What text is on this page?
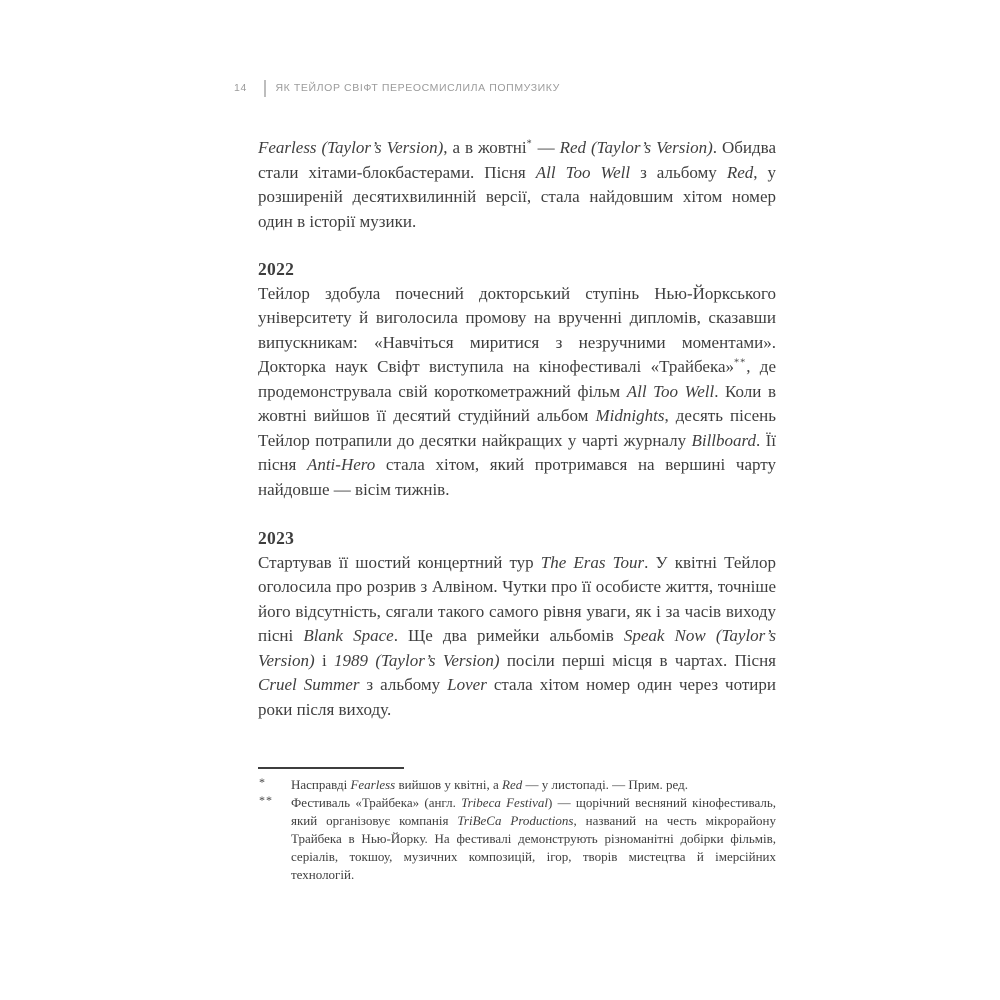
14	ЯК ТЕЙЛОР СВІФТ ПЕРЕОСМИСЛИЛА ПОПМУЗИКУ

Fearless (Taylor’s Version), а в жовтні* — Red (Taylor’s Version). Обидва стали хітами-блокбастерами. Пісня All Too Well з альбому Red, у розширеній десятихвилинній версії, стала найдовшим хітом номер один в історії музики.

2022

Тейлор здобула почесний докторський ступінь Нью-Йоркського університету й виголосила промову на врученні дипломів, сказавши випускникам: «Навчіться миритися з незручними моментами». Докторка наук Свіфт виступила на кінофестивалі «Трайбека»**, де продемонструвала свій короткометражний фільм All Too Well. Коли в жовтні вийшов її десятий студійний альбом Midnights, десять пісень Тейлор потрапили до десятки найкращих у чарті журналу Billboard. Її пісня Anti-Hero стала хітом, який протримався на вершині чарту найдовше — вісім тижнів.

2023

Стартував її шостий концертний тур The Eras Tour. У квітні Тейлор оголосила про розрив з Алвіном. Чутки про її особисте життя, точніше його відсутність, сягали такого самого рівня уваги, як і за часів виходу пісні Blank Space. Ще два римейки альбомів Speak Now (Taylor’s Version) і 1989 (Taylor’s Version) посіли перші місця в чартах. Пісня Cruel Summer з альбому Lover стала хітом номер один через чотири роки після виходу.

* Насправді Fearless вийшов у квітні, а Red — у листопаді. — Прим. ред.
** Фестиваль «Трайбека» (англ. Tribeca Festival) — щорічний весняний кінофестиваль, який організовує компанія TriBeCa Productions, названий на честь мікрорайону Трайбека в Нью-Йорку. На фестивалі демонструють різноманітні добірки фільмів, серіалів, токшоу, музичних композицій, ігор, творів мистецтва й імерсійних технологій.
